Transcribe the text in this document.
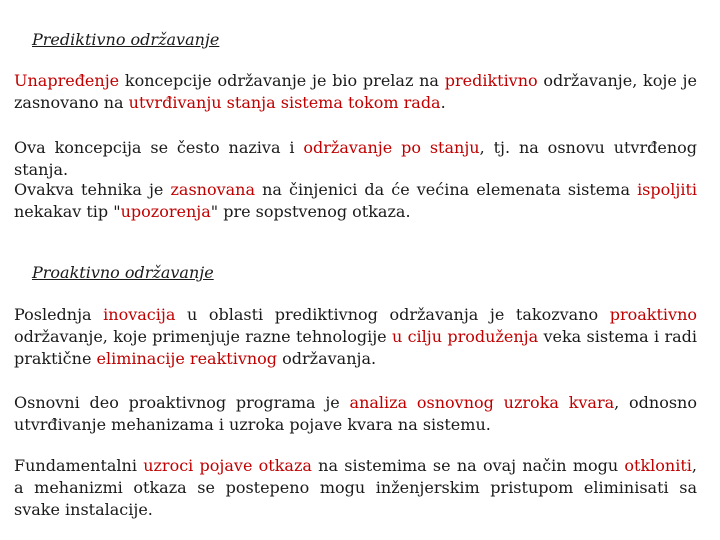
Prediktivno održavanje

Unapređenje koncepcije održavanje je bio prelaz na prediktivno održavanje, koje je zasnovano na utvrđivanju stanja sistema tokom rada.

Ova koncepcija se često naziva i održavanje po stanju, tj. na osnovu utvrđenog stanja.

Ovakva tehnika je zasnovana na činjenici da će većina elemenata sistema ispoljiti nekakav tip "upozorenja" pre sopstvenog otkaza.

Proaktivno održavanje

Poslednja inovacija u oblasti prediktivnog održavanja je takozvano proaktivno održavanje, koje primenjuje razne tehnologije u cilju produženja veka sistema i radi praktične eliminacije reaktivnog održavanja.

Osnovni deo proaktivnog programa je analiza osnovnog uzroka kvara, odnosno utvrđivanje mehanizama i uzroka pojave kvara na sistemu.

Fundamentalni uzroci pojave otkaza na sistemima se na ovaj način mogu otkloniti, a mehanizmi otkaza se postepeno mogu inženjerskim pristupom eliminisati sa svake instalacije.
